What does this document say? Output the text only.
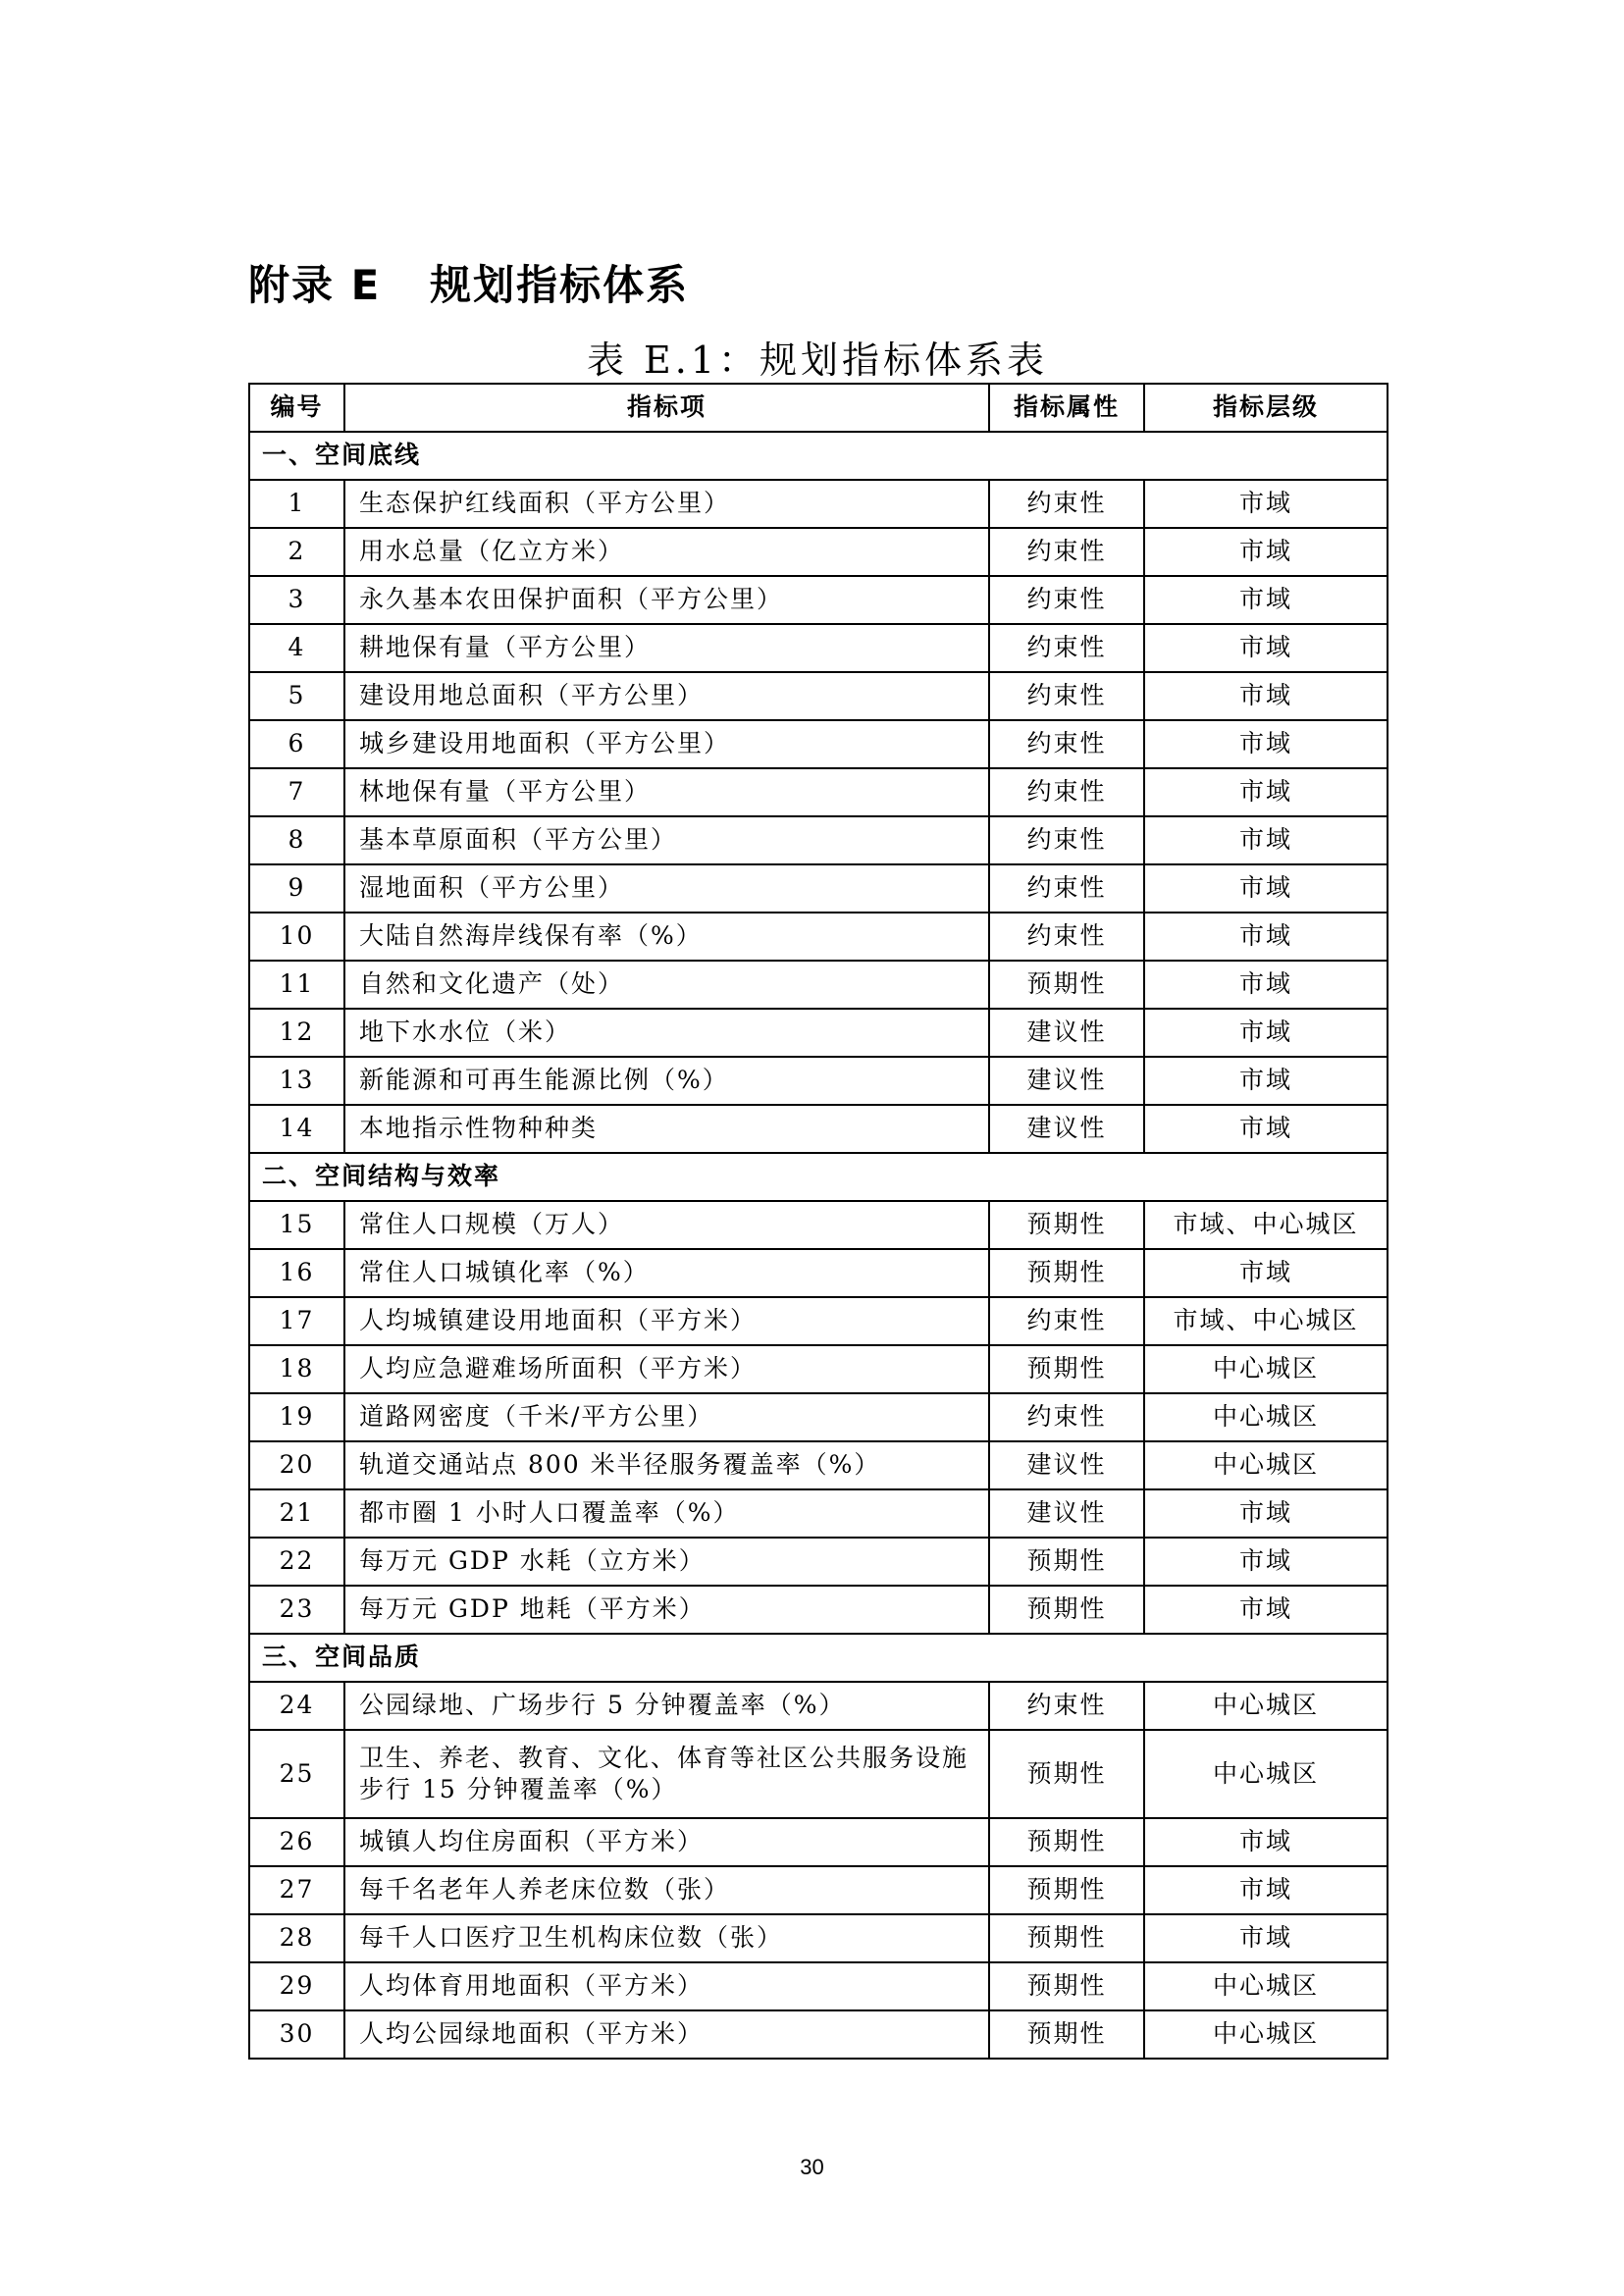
附录 E   规划指标体系
表 E.1：规划指标体系表
编号	指标项	指标属性	指标层级
一、空间底线			
1	生态保护红线面积（平方公里）	约束性	市域
2	用水总量（亿立方米）	约束性	市域
3	永久基本农田保护面积（平方公里）	约束性	市域
4	耕地保有量（平方公里）	约束性	市域
5	建设用地总面积（平方公里）	约束性	市域
6	城乡建设用地面积（平方公里）	约束性	市域
7	林地保有量（平方公里）	约束性	市域
8	基本草原面积（平方公里）	约束性	市域
9	湿地面积（平方公里）	约束性	市域
10	大陆自然海岸线保有率（%）	约束性	市域
11	自然和文化遗产（处）	预期性	市域
12	地下水水位（米）	建议性	市域
13	新能源和可再生能源比例（%）	建议性	市域
14	本地指示性物种种类	建议性	市域
二、空间结构与效率			
15	常住人口规模（万人）	预期性	市域、中心城区
16	常住人口城镇化率（%）	预期性	市域
17	人均城镇建设用地面积（平方米）	约束性	市域、中心城区
18	人均应急避难场所面积（平方米）	预期性	中心城区
19	道路网密度（千米/平方公里）	约束性	中心城区
20	轨道交通站点 800 米半径服务覆盖率（%）	建议性	中心城区
21	都市圈 1 小时人口覆盖率（%）	建议性	市域
22	每万元 GDP 水耗（立方米）	预期性	市域
23	每万元 GDP 地耗（平方米）	预期性	市域
三、空间品质			
24	公园绿地、广场步行 5 分钟覆盖率（%）	约束性	中心城区
25	卫生、养老、教育、文化、体育等社区公共服务设施步行 15 分钟覆盖率（%）	预期性	中心城区
26	城镇人均住房面积（平方米）	预期性	市域
27	每千名老年人养老床位数（张）	预期性	市域
28	每千人口医疗卫生机构床位数（张）	预期性	市域
29	人均体育用地面积（平方米）	预期性	中心城区
30	人均公园绿地面积（平方米）	预期性	中心城区
30
